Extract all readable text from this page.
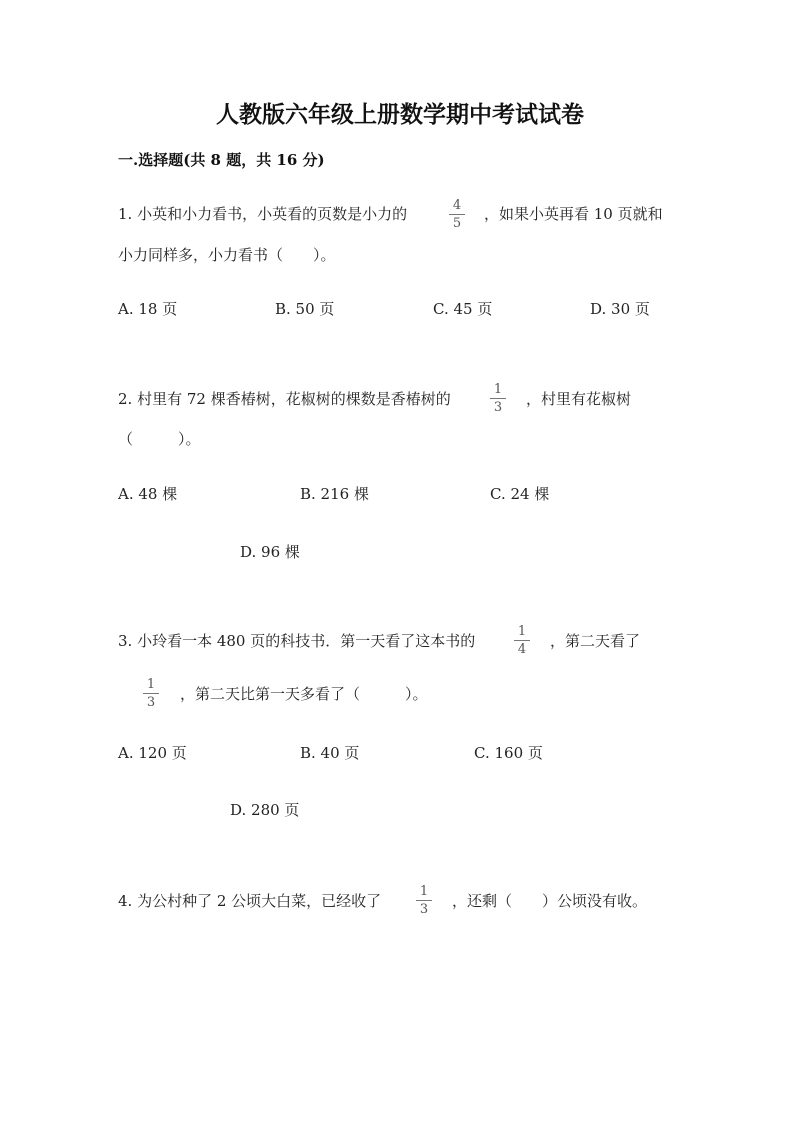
人教版六年级上册数学期中考试试卷
一.选择题(共 8 题，共 16 分)
1. 小英和小力看书，小英看的页数是小力的	4
5
，如果小英再看 10 页就和
小力同样多，小力看书（　　）。
A. 18 页	B. 50 页	C. 45 页	D. 30 页
2. 村里有 72 棵香椿树，花椒树的棵数是香椿树的
1
3 ，村里有花椒树
（　　　）。
A. 48 棵	B. 216 棵	C. 24 棵
D. 96 棵
3. 小玲看一本 480 页的科技书．第一天看了这本书的
1
4 ，第二天看了
1
3 ，第二天比第一天多看了（　　　）。
A. 120 页	B. 40 页	C. 160 页
D. 280 页
4. 为公村种了 2 公顷大白菜，已经收了
1
3 ，还剩（　　）公顷没有收。
